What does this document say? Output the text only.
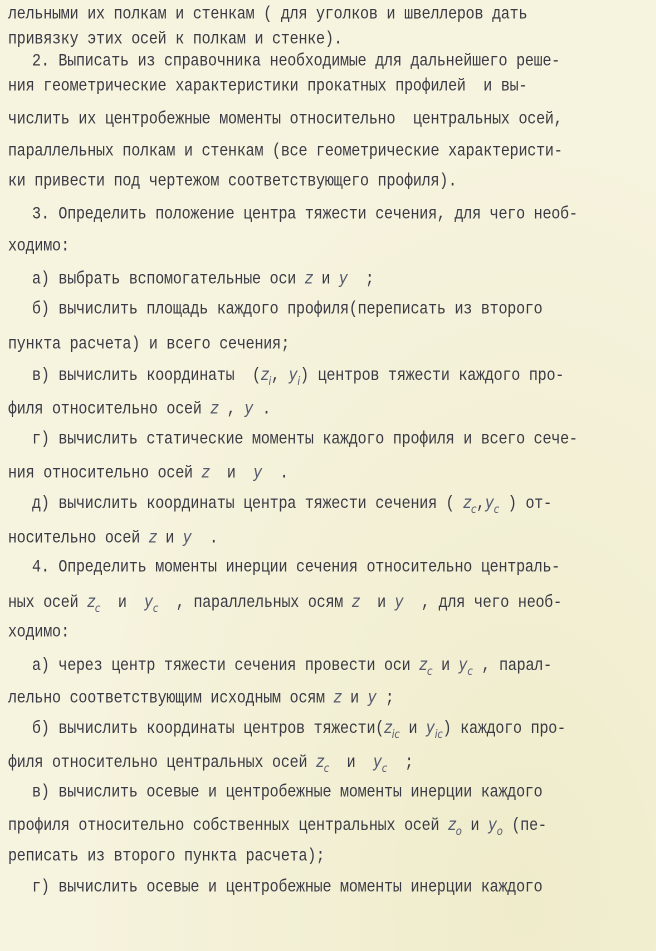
лельными их полкам и стенкам ( для уголков и швеллеров дать
привязку этих осей к полкам и стенке).
2. Выписать из справочника необходимые для дальнейшего реше-
ния геометрические характеристики прокатных профилей  и вы-
числить их центробежные моменты относительно  центральных осей,
параллельных полкам и стенкам (все геометрические характеристи-
ки привести под чертежом соответствующего профиля).
3. Определить положение центра тяжести сечения, для чего необ-
ходимо:
а) выбрать вспомогательные оси z и y  ;
б) вычислить площадь каждого профиля(переписать из второго
пункта расчета) и всего сечения;
в) вычислить координаты  ($z_i$, $y_i$) центров тяжести каждого про-
филя относительно осей z , y .
г) вычислить статические моменты каждого профиля и всего сече-
ния относительно осей z  и  y  .
д) вычислить координаты центра тяжести сечения ( $z_c,y_c$ ) от-
носительно осей z и y  .
4. Определить моменты инерции сечения относительно централь-
ных осей $z_c$  и  $y_c$  , параллельных осям z  и y  , для чего необ-
ходимо:
а) через центр тяжести сечения провести оси $z_c$ и $y_c$ , парал-
лельно соответствующим исходным осям z и y ;
б) вычислить координаты центров $тяжести(z_{ic}$ и $y_{ic}$) каждого про-
филя относительно центральных осей $z_c$  и  $y_c$  ;
в) вычислить осевые и центробежные моменты инерции каждого
профиля относительно собственных центральных осей $z_o$ и $y_o$ (пе-
реписать из второго пункта расчета);
г) вычислить осевые и центробежные моменты инерции каждого
